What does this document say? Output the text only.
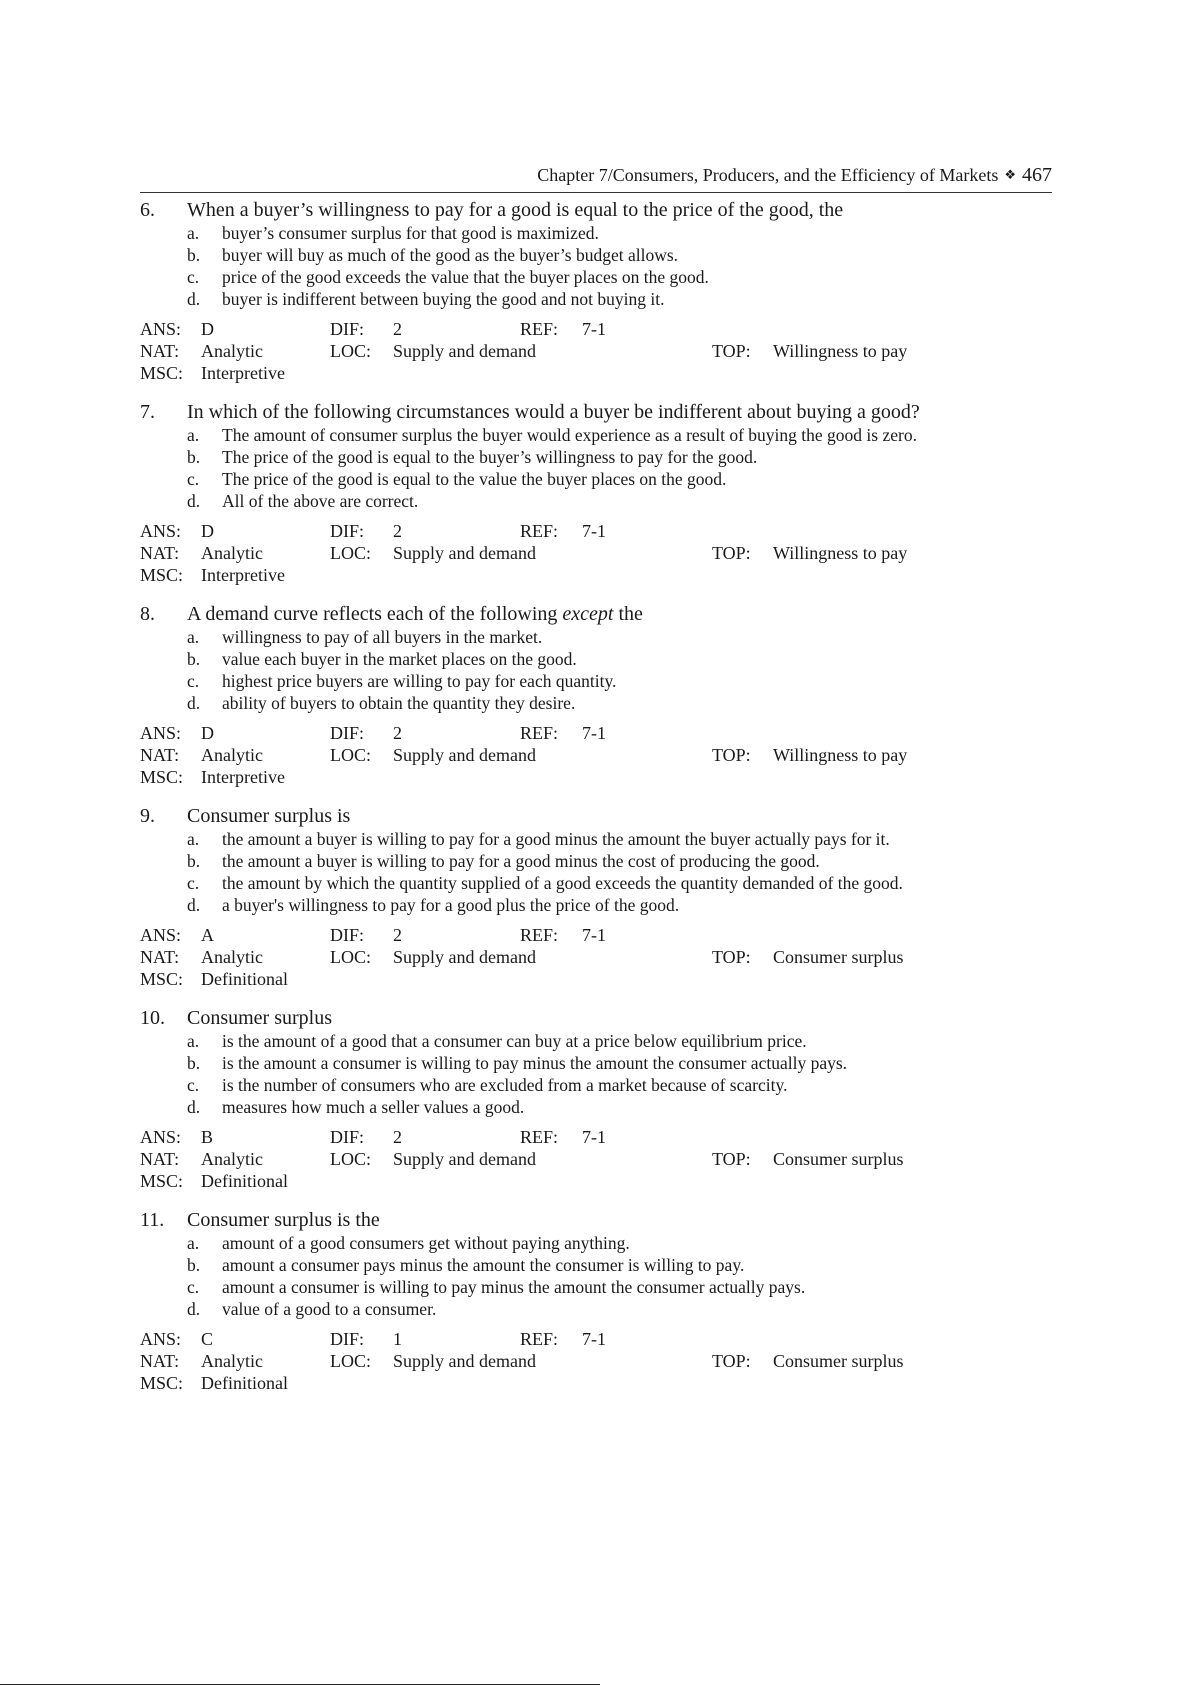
Chapter 7/Consumers, Producers, and the Efficiency of Markets ❖ 467
6.	When a buyer’s willingness to pay for a good is equal to the price of the good, the
a.	buyer’s consumer surplus for that good is maximized.
b.	buyer will buy as much of the good as the buyer’s budget allows.
c.	price of the good exceeds the value that the buyer places on the good.
d.	buyer is indifferent between buying the good and not buying it.
ANS: D	DIF: 2	REF: 7-1
NAT: Analytic	LOC: Supply and demand	TOP: Willingness to pay
MSC: Interpretive
7.	In which of the following circumstances would a buyer be indifferent about buying a good?
a.	The amount of consumer surplus the buyer would experience as a result of buying the good is zero.
b.	The price of the good is equal to the buyer’s willingness to pay for the good.
c.	The price of the good is equal to the value the buyer places on the good.
d.	All of the above are correct.
ANS: D	DIF: 2	REF: 7-1
NAT: Analytic	LOC: Supply and demand	TOP: Willingness to pay
MSC: Interpretive
8.	A demand curve reflects each of the following except the
a.	willingness to pay of all buyers in the market.
b.	value each buyer in the market places on the good.
c.	highest price buyers are willing to pay for each quantity.
d.	ability of buyers to obtain the quantity they desire.
ANS: D	DIF: 2	REF: 7-1
NAT: Analytic	LOC: Supply and demand	TOP: Willingness to pay
MSC: Interpretive
9.	Consumer surplus is
a.	the amount a buyer is willing to pay for a good minus the amount the buyer actually pays for it.
b.	the amount a buyer is willing to pay for a good minus the cost of producing the good.
c.	the amount by which the quantity supplied of a good exceeds the quantity demanded of the good.
d.	a buyer's willingness to pay for a good plus the price of the good.
ANS: A	DIF: 2	REF: 7-1
NAT: Analytic	LOC: Supply and demand	TOP: Consumer surplus
MSC: Definitional
10.	Consumer surplus
a.	is the amount of a good that a consumer can buy at a price below equilibrium price.
b.	is the amount a consumer is willing to pay minus the amount the consumer actually pays.
c.	is the number of consumers who are excluded from a market because of scarcity.
d.	measures how much a seller values a good.
ANS: B	DIF: 2	REF: 7-1
NAT: Analytic	LOC: Supply and demand	TOP: Consumer surplus
MSC: Definitional
11.	Consumer surplus is the
a.	amount of a good consumers get without paying anything.
b.	amount a consumer pays minus the amount the consumer is willing to pay.
c.	amount a consumer is willing to pay minus the amount the consumer actually pays.
d.	value of a good to a consumer.
ANS: C	DIF: 1	REF: 7-1
NAT: Analytic	LOC: Supply and demand	TOP: Consumer surplus
MSC: Definitional
